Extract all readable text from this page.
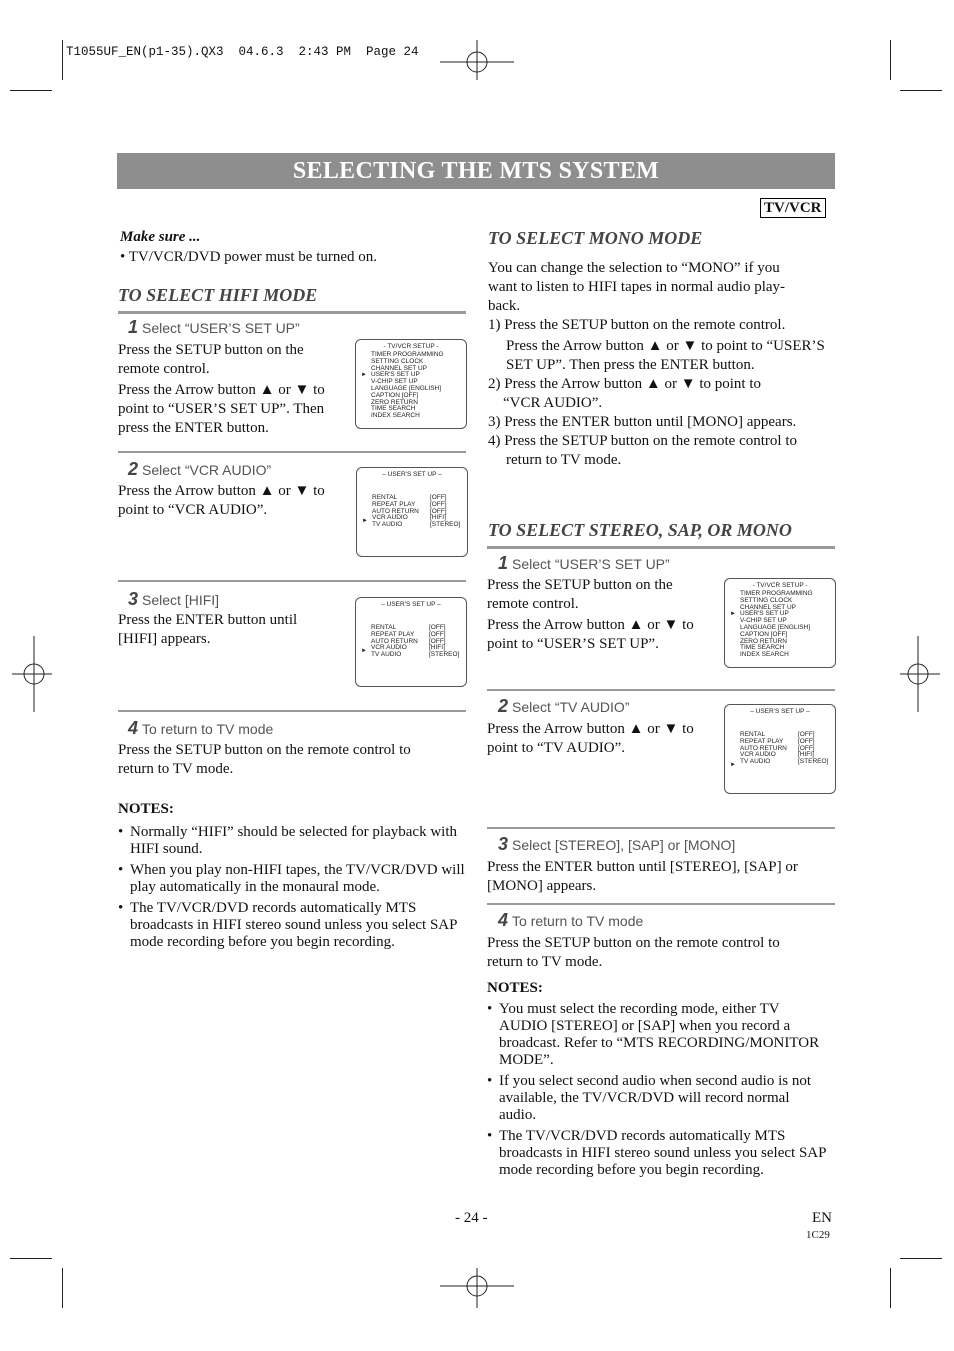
T1055UF_EN(p1-35).QX3  04.6.3  2:43 PM  Page 24
SELECTING THE MTS SYSTEM
TV/VCR
Make sure ...
• TV/VCR/DVD power must be turned on.
TO SELECT HIFI MODE
1 Select “USER’S SET UP”
Press the SETUP button on the
remote control.
Press the Arrow button ▲ or ▼ to
point to “USER’S SET UP”. Then
press the ENTER button.
- TV/VCR SETUP -
TIMER PROGRAMMING
SETTING CLOCK
CHANNEL SET UP
USER'S SET UP
V-CHIP SET UP
LANGUAGE [ENGLISH]
CAPTION [OFF]
ZERO RETURN
TIME SEARCH
INDEX SEARCH
►
2 Select “VCR AUDIO”
Press the Arrow button ▲ or ▼ to
point to “VCR AUDIO”.
– USER'S SET UP –
RENTAL
REPEAT PLAY
AUTO RETURN
VCR AUDIO
TV AUDIO
[OFF]
[OFF]
[OFF]
[HIFI]
[STEREO]
►
3 Select [HIFI]
Press the ENTER button until
[HIFI] appears.
– USER'S SET UP –
RENTAL
REPEAT PLAY
AUTO RETURN
VCR AUDIO
TV AUDIO
[OFF]
[OFF]
[OFF]
[HIFI]
[STEREO]
►
4 To return to TV mode
Press the SETUP button on the remote control to
return to TV mode.
NOTES:
• Normally “HIFI” should be selected for playback with HIFI sound.
• When you play non-HIFI tapes, the TV/VCR/DVD will play automatically in the monaural mode.
• The TV/VCR/DVD records automatically MTS broadcasts in HIFI stereo sound unless you select SAP mode recording before you begin recording.
TO SELECT MONO MODE
You can change the selection to “MONO” if you
want to listen to HIFI tapes in normal audio play-
back.
1) Press the SETUP button on the remote control.
Press the Arrow button ▲ or ▼ to point to “USER’S
SET UP”. Then press the ENTER button.
2) Press the Arrow button ▲ or ▼ to point to
“VCR AUDIO”.
3) Press the ENTER button until [MONO] appears.
4) Press the SETUP button on the remote control to
return to TV mode.
TO SELECT STEREO, SAP, OR MONO
1 Select “USER’S SET UP”
Press the SETUP button on the
remote control.
Press the Arrow button ▲ or ▼ to
point to “USER’S SET UP”.
- TV/VCR SETUP -
TIMER PROGRAMMING
SETTING CLOCK
CHANNEL SET UP
USER'S SET UP
V-CHIP SET UP
LANGUAGE [ENGLISH]
CAPTION [OFF]
ZERO RETURN
TIME SEARCH
INDEX SEARCH
►
2 Select “TV AUDIO”
Press the Arrow button ▲ or ▼ to
point to “TV AUDIO”.
– USER'S SET UP –
RENTAL
REPEAT PLAY
AUTO RETURN
VCR AUDIO
TV AUDIO
[OFF]
[OFF]
[OFF]
[HIFI]
[STEREO]
►
3 Select [STEREO], [SAP] or [MONO]
Press the ENTER button until [STEREO], [SAP] or
[MONO] appears.
4 To return to TV mode
Press the SETUP button on the remote control to
return to TV mode.
NOTES:
• You must select the recording mode, either TV AUDIO [STEREO] or [SAP] when you record a broadcast. Refer to “MTS RECORDING/MONITOR MODE”.
• If you select second audio when second audio is not available, the TV/VCR/DVD will record normal audio.
• The TV/VCR/DVD records automatically MTS broadcasts in HIFI stereo sound unless you select SAP mode recording before you begin recording.
- 24 -	EN
1C29
